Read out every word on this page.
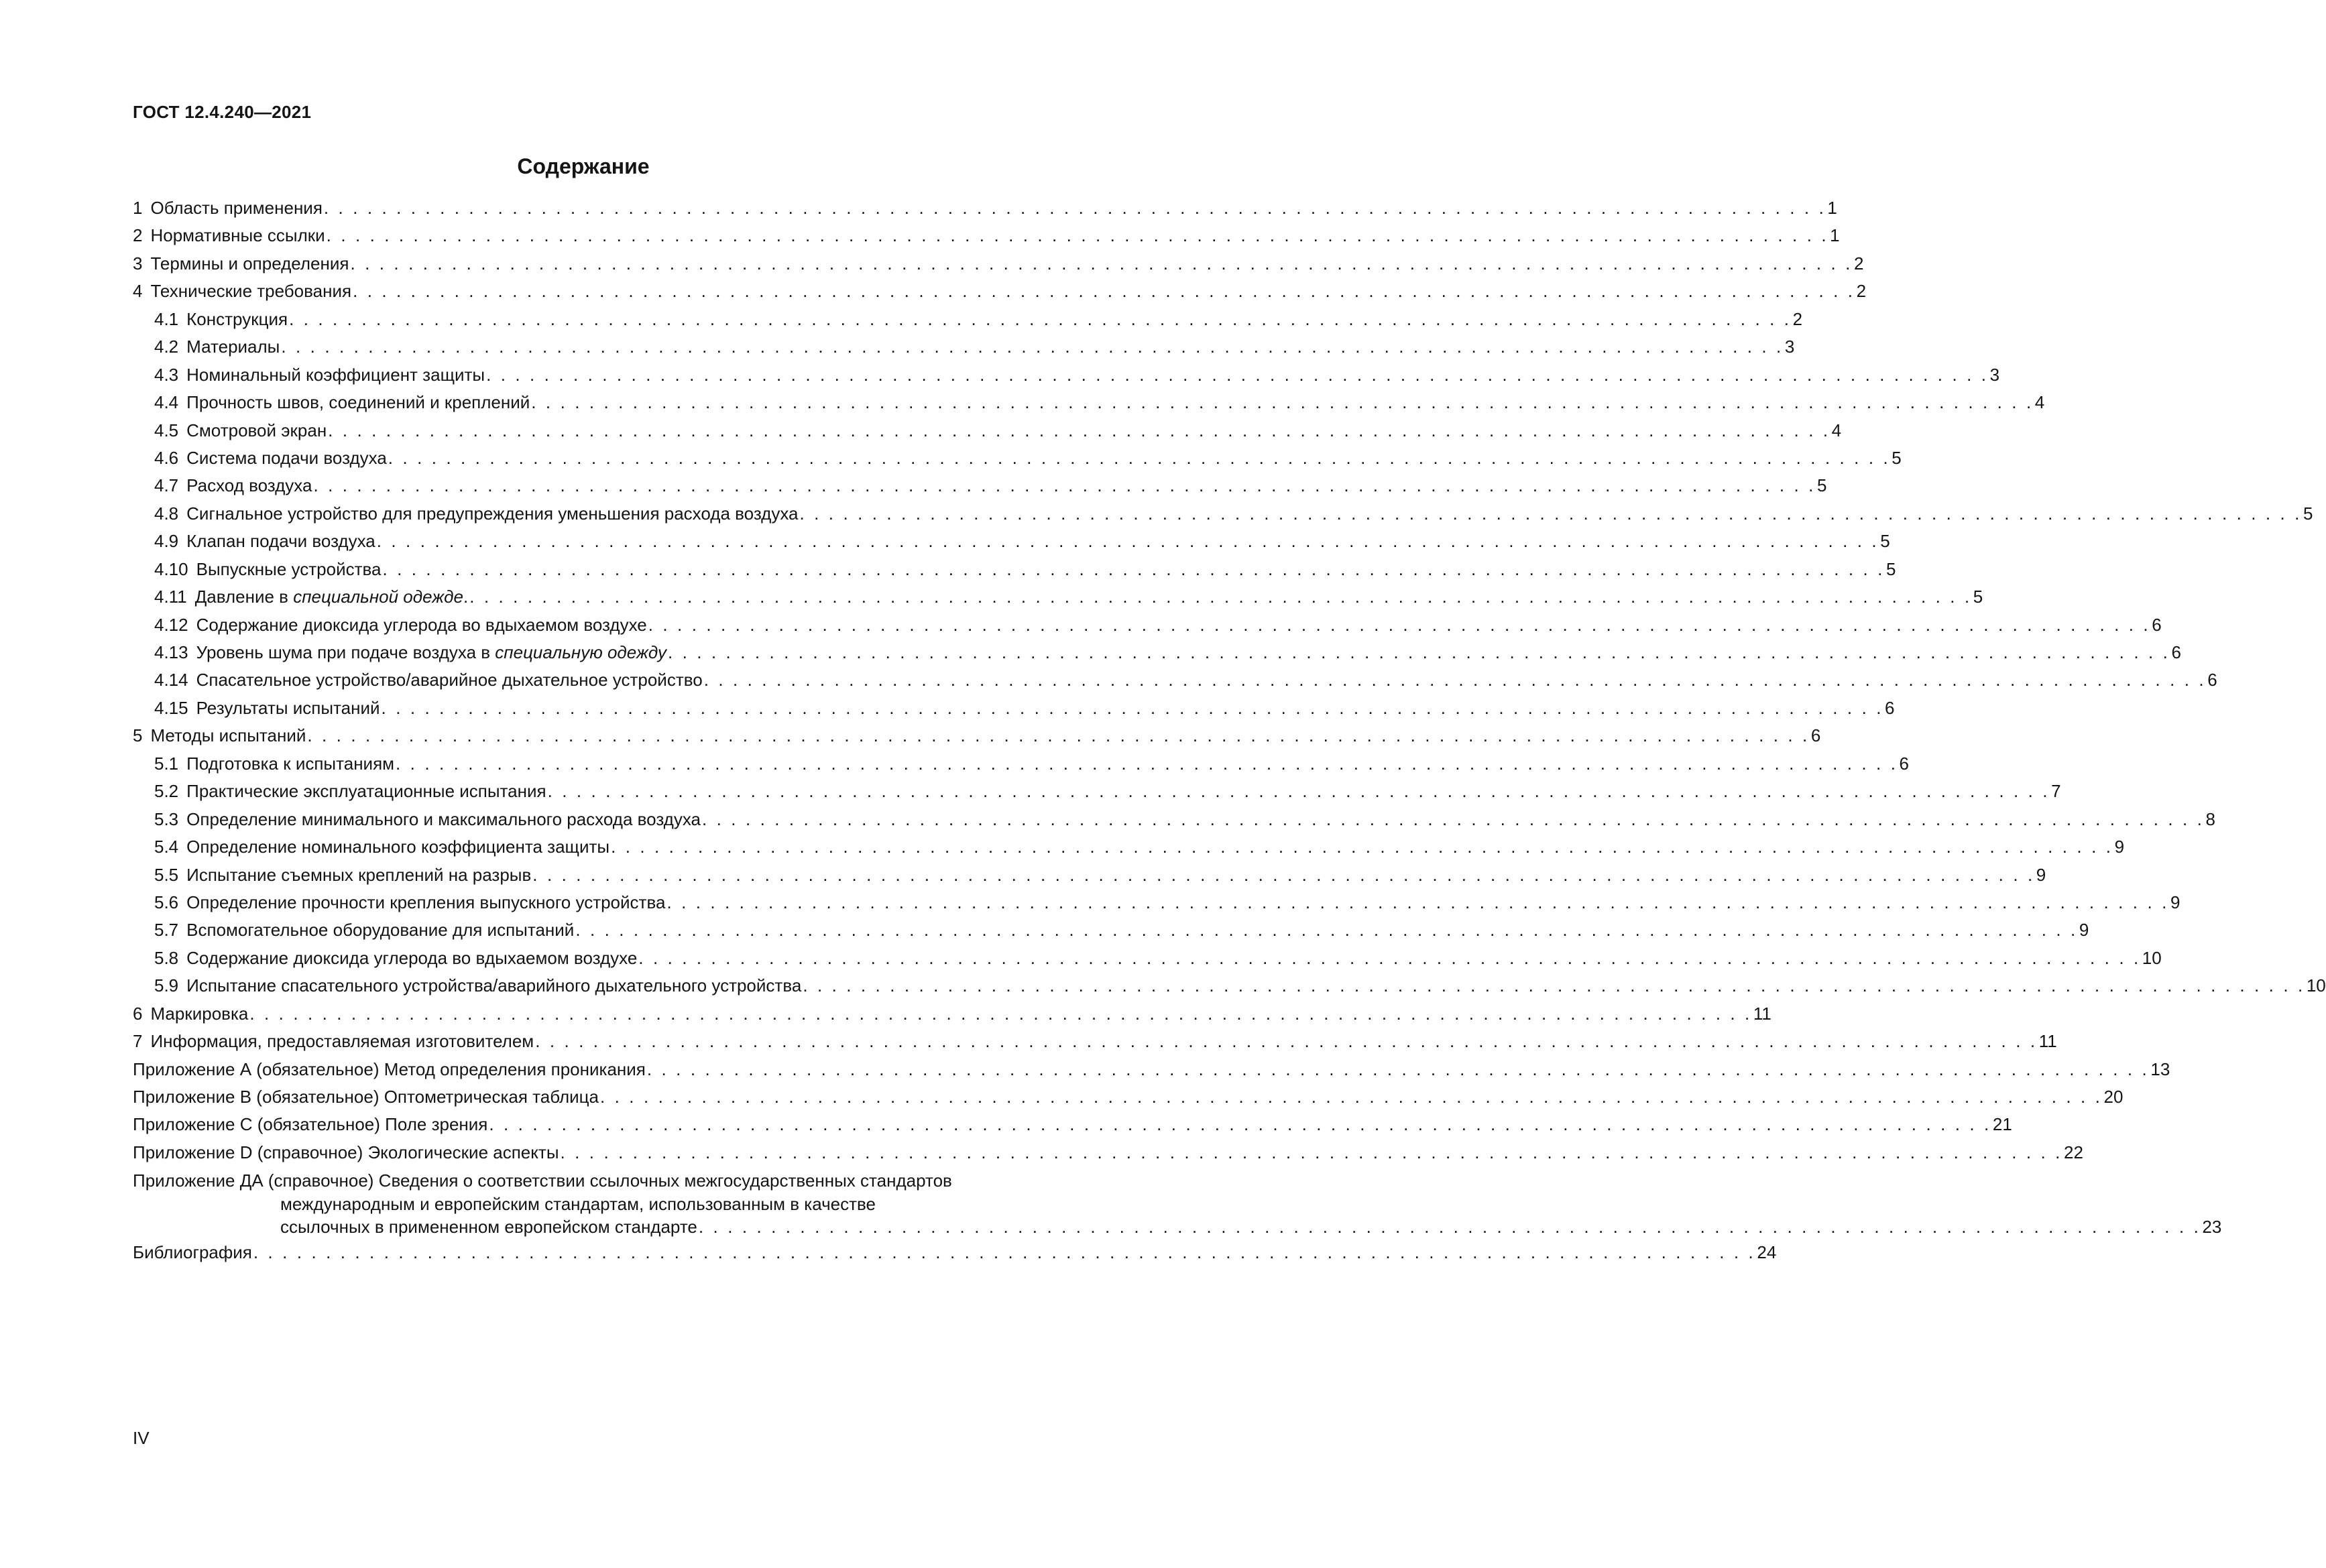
ГОСТ 12.4.240—2021
Содержание
1 Область применения . . . . . . . . . . . . . . . . . . . . . . . . . . . . . . . . . . . . . . . . . . . . . . . . . . . . . . . . . . . . . . . . . . . . . . . . . . . . . . . . . . . . . . . . . . . . . . . . . . . . . . . . 1
2 Нормативные ссылки . . . . . . . . . . . . . . . . . . . . . . . . . . . . . . . . . . . . . . . . . . . . . . . . . . . . . . . . . . . . . . . . . . . . . . . . . . . . . . . . . . . . . . . . . . . . . . . . . . . . . . . . 1
3 Термины и определения . . . . . . . . . . . . . . . . . . . . . . . . . . . . . . . . . . . . . . . . . . . . . . . . . . . . . . . . . . . . . . . . . . . . . . . . . . . . . . . . . . . . . . . . . . . . . . . . . . . . . . . . 2
4 Технические требования . . . . . . . . . . . . . . . . . . . . . . . . . . . . . . . . . . . . . . . . . . . . . . . . . . . . . . . . . . . . . . . . . . . . . . . . . . . . . . . . . . . . . . . . . . . . . . . . . . . . . . . . 2
4.1 Конструкция . . . . . . . . . . . . . . . . . . . . . . . . . . . . . . . . . . . . . . . . . . . . . . . . . . . . . . . . . . . . . . . . . . . . . . . . . . . . . . . . . . . . . . . . . . . . . . . . . . . . . . . . 2
4.2 Материалы . . . . . . . . . . . . . . . . . . . . . . . . . . . . . . . . . . . . . . . . . . . . . . . . . . . . . . . . . . . . . . . . . . . . . . . . . . . . . . . . . . . . . . . . . . . . . . . . . . . . . . . . 3
4.3 Номинальный коэффициент защиты . . . . . . . . . . . . . . . . . . . . . . . . . . . . . . . . . . . . . . . . . . . . . . . . . . . . . . . . . . . . . . . . . . . . . . . . . . . . . . . . . . . . . . . . . . . . . . . . . . . . . . . . 3
4.4 Прочность швов, соединений и креплений . . . . . . . . . . . . . . . . . . . . . . . . . . . . . . . . . . . . . . . . . . . . . . . . . . . . . . . . . . . . . . . . . . . . . . . . . . . . . . . . . . . . . . . . . . . . . . . . . . . . . . . . 4
4.5 Смотровой экран . . . . . . . . . . . . . . . . . . . . . . . . . . . . . . . . . . . . . . . . . . . . . . . . . . . . . . . . . . . . . . . . . . . . . . . . . . . . . . . . . . . . . . . . . . . . . . . . . . . . . . . . 4
4.6 Система подачи воздуха . . . . . . . . . . . . . . . . . . . . . . . . . . . . . . . . . . . . . . . . . . . . . . . . . . . . . . . . . . . . . . . . . . . . . . . . . . . . . . . . . . . . . . . . . . . . . . . . . . . . . . . . 5
4.7 Расход воздуха . . . . . . . . . . . . . . . . . . . . . . . . . . . . . . . . . . . . . . . . . . . . . . . . . . . . . . . . . . . . . . . . . . . . . . . . . . . . . . . . . . . . . . . . . . . . . . . . . . . . . . . . 5
4.8 Сигнальное устройство для предупреждения уменьшения расхода воздуха . . . . . . . . . . . . . . . . . . . . . . . . . . . . . . . . . . . . . . . . . . . . . . . . . . . . . . . . . . . . . . . . . . . . . . . . . . . . . . . . . . . . . . . . . . . . . . . . . . . . . . . . 5
4.9 Клапан подачи воздуха . . . . . . . . . . . . . . . . . . . . . . . . . . . . . . . . . . . . . . . . . . . . . . . . . . . . . . . . . . . . . . . . . . . . . . . . . . . . . . . . . . . . . . . . . . . . . . . . . . . . . . . . 5
4.10 Выпускные устройства . . . . . . . . . . . . . . . . . . . . . . . . . . . . . . . . . . . . . . . . . . . . . . . . . . . . . . . . . . . . . . . . . . . . . . . . . . . . . . . . . . . . . . . . . . . . . . . . . . . . . . . . 5
4.11 Давление в специальной одежде. . . . . . . . . . . . . . . . . . . . . . . . . . . . . . . . . . . . . . . . . . . . . . . . . . . . . . . . . . . . . . . . . . . . . . . . . . . . . . . . . . . . . . . . . . . . . . . . . . . . . . . . . 5
4.12 Содержание диоксида углерода во вдыхаемом воздухе . . . . . . . . . . . . . . . . . . . . . . . . . . . . . . . . . . . . . . . . . . . . . . . . . . . . . . . . . . . . . . . . . . . . . . . . . . . . . . . . . . . . . . . . . . . . . . . . . . . . . . . . 6
4.13 Уровень шума при подаче воздуха в специальную одежду . . . . . . . . . . . . . . . . . . . . . . . . . . . . . . . . . . . . . . . . . . . . . . . . . . . . . . . . . . . . . . . . . . . . . . . . . . . . . . . . . . . . . . . . . . . . . . . . . . . . . . . . 6
4.14 Спасательное устройство/аварийное дыхательное устройство . . . . . . . . . . . . . . . . . . . . . . . . . . . . . . . . . . . . . . . . . . . . . . . . . . . . . . . . . . . . . . . . . . . . . . . . . . . . . . . . . . . . . . . . . . . . . . . . . . . . . . . . 6
4.15 Результаты испытаний . . . . . . . . . . . . . . . . . . . . . . . . . . . . . . . . . . . . . . . . . . . . . . . . . . . . . . . . . . . . . . . . . . . . . . . . . . . . . . . . . . . . . . . . . . . . . . . . . . . . . . . . 6
5 Методы испытаний . . . . . . . . . . . . . . . . . . . . . . . . . . . . . . . . . . . . . . . . . . . . . . . . . . . . . . . . . . . . . . . . . . . . . . . . . . . . . . . . . . . . . . . . . . . . . . . . . . . . . . . . 6
5.1 Подготовка к испытаниям . . . . . . . . . . . . . . . . . . . . . . . . . . . . . . . . . . . . . . . . . . . . . . . . . . . . . . . . . . . . . . . . . . . . . . . . . . . . . . . . . . . . . . . . . . . . . . . . . . . . . . . . 6
5.2 Практические эксплуатационные испытания . . . . . . . . . . . . . . . . . . . . . . . . . . . . . . . . . . . . . . . . . . . . . . . . . . . . . . . . . . . . . . . . . . . . . . . . . . . . . . . . . . . . . . . . . . . . . . . . . . . . . . . . 7
5.3 Определение минимального и максимального расхода воздуха . . . . . . . . . . . . . . . . . . . . . . . . . . . . . . . . . . . . . . . . . . . . . . . . . . . . . . . . . . . . . . . . . . . . . . . . . . . . . . . . . . . . . . . . . . . . . . . . . . . . . . . . 8
5.4 Определение номинального коэффициента защиты . . . . . . . . . . . . . . . . . . . . . . . . . . . . . . . . . . . . . . . . . . . . . . . . . . . . . . . . . . . . . . . . . . . . . . . . . . . . . . . . . . . . . . . . . . . . . . . . . . . . . . . . 9
5.5 Испытание съемных креплений на разрыв . . . . . . . . . . . . . . . . . . . . . . . . . . . . . . . . . . . . . . . . . . . . . . . . . . . . . . . . . . . . . . . . . . . . . . . . . . . . . . . . . . . . . . . . . . . . . . . . . . . . . . . . 9
5.6 Определение прочности крепления выпускного устройства . . . . . . . . . . . . . . . . . . . . . . . . . . . . . . . . . . . . . . . . . . . . . . . . . . . . . . . . . . . . . . . . . . . . . . . . . . . . . . . . . . . . . . . . . . . . . . . . . . . . . . . . 9
5.7 Вспомогательное оборудование для испытаний . . . . . . . . . . . . . . . . . . . . . . . . . . . . . . . . . . . . . . . . . . . . . . . . . . . . . . . . . . . . . . . . . . . . . . . . . . . . . . . . . . . . . . . . . . . . . . . . . . . . . . . . 9
5.8 Содержание диоксида углерода во вдыхаемом воздухе . . . . . . . . . . . . . . . . . . . . . . . . . . . . . . . . . . . . . . . . . . . . . . . . . . . . . . . . . . . . . . . . . . . . . . . . . . . . . . . . . . . . . . . . . . . . . . . . . . . . . . . . 10
5.9 Испытание спасательного устройства/аварийного дыхательного устройства . . . . . . . . . . . . . . . . . . . . . . . . . . . . . . . . . . . . . . . . . . . . . . . . . . . . . . . . . . . . . . . . . . . . . . . . . . . . . . . . . . . . . . . . . . . . . . . . . . . . . . . . 10
6 Маркировка . . . . . . . . . . . . . . . . . . . . . . . . . . . . . . . . . . . . . . . . . . . . . . . . . . . . . . . . . . . . . . . . . . . . . . . . . . . . . . . . . . . . . . . . . . . . . . . . . . . . . . . . 11
7 Информация, предоставляемая изготовителем . . . . . . . . . . . . . . . . . . . . . . . . . . . . . . . . . . . . . . . . . . . . . . . . . . . . . . . . . . . . . . . . . . . . . . . . . . . . . . . . . . . . . . . . . . . . . . . . . . . . . . . . 11
Приложение А (обязательное) Метод определения проникания . . . . . . . . . . . . . . . . . . . . . . . . . . . . . . . . . . . . . . . . . . . . . . . . . . . . . . . . . . . . . . . . . . . . . . . . . . . . . . . . . . . . . . . . . . . . . . . . . . . . . . . . 13
Приложение В (обязательное) Оптометрическая таблица . . . . . . . . . . . . . . . . . . . . . . . . . . . . . . . . . . . . . . . . . . . . . . . . . . . . . . . . . . . . . . . . . . . . . . . . . . . . . . . . . . . . . . . . . . . . . . . . . . . . . . . . 20
Приложение С (обязательное) Поле зрения . . . . . . . . . . . . . . . . . . . . . . . . . . . . . . . . . . . . . . . . . . . . . . . . . . . . . . . . . . . . . . . . . . . . . . . . . . . . . . . . . . . . . . . . . . . . . . . . . . . . . . . . 21
Приложение D (справочное) Экологические аспекты . . . . . . . . . . . . . . . . . . . . . . . . . . . . . . . . . . . . . . . . . . . . . . . . . . . . . . . . . . . . . . . . . . . . . . . . . . . . . . . . . . . . . . . . . . . . . . . . . . . . . . . . 22
Приложение ДА (справочное) Сведения о соответствии ссылочных межгосударственных стандартов
международным и европейским стандартам, использованным в качестве
ссылочных в примененном европейском стандарте . . . . . . . . . . . . . . . . . . . . . . . . . . . . . . . . . . . . . . . . . . . . . . . . . . . . . . . . . . . . . . . . . . . . . . . . . . . . . . . . . . . . . . . . . . . . . . . . . . . . . . . . 23
Библиография . . . . . . . . . . . . . . . . . . . . . . . . . . . . . . . . . . . . . . . . . . . . . . . . . . . . . . . . . . . . . . . . . . . . . . . . . . . . . . . . . . . . . . . . . . . . . . . . . . . . . . . . 24
IV
